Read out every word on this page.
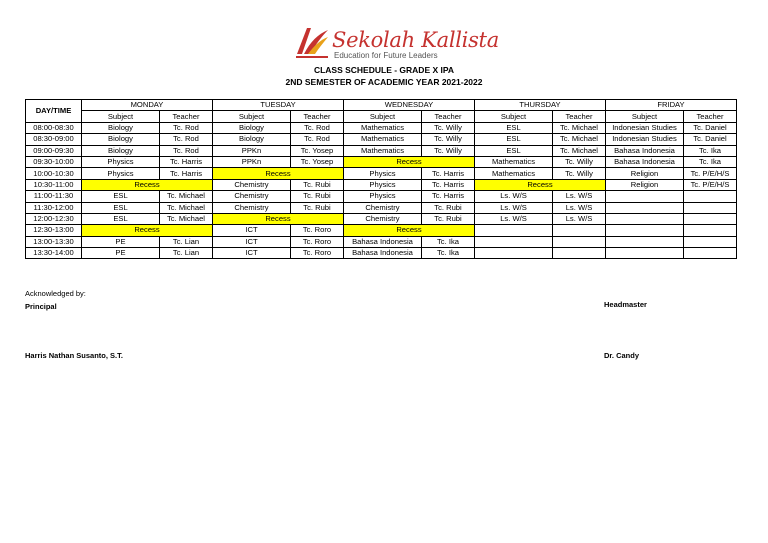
Sekolah Kallista
Education for Future Leaders
CLASS SCHEDULE - GRADE X IPA
2ND SEMESTER OF ACADEMIC YEAR 2021-2022
DAY/TIME	MONDAY		TUESDAY		WEDNESDAY		THURSDAY		FRIDAY	
	Subject	Teacher	Subject	Teacher	Subject	Teacher	Subject	Teacher	Subject	Teacher
08:00-08:30	Biology	Tc. Rod	Biology	Tc. Rod	Mathematics	Tc. Willy	ESL	Tc. Michael	Indonesian Studies	Tc. Daniel
08:30-09:00	Biology	Tc. Rod	Biology	Tc. Rod	Mathematics	Tc. Willy	ESL	Tc. Michael	Indonesian Studies	Tc. Daniel
09:00-09:30	Biology	Tc. Rod	PPKn	Tc. Yosep	Mathematics	Tc. Willy	ESL	Tc. Michael	Bahasa Indonesia	Tc. Ika
09:30-10:00	Physics	Tc. Harris	PPKn	Tc. Yosep	Recess		Mathematics	Tc. Willy	Bahasa Indonesia	Tc. Ika
10:00-10:30	Physics	Tc. Harris	Recess		Physics	Tc. Harris	Mathematics	Tc. Willy	Religion	Tc. P/E/H/S
10:30-11:00	Recess		Chemistry	Tc. Rubi	Physics	Tc. Harris	Recess		Religion	Tc. P/E/H/S
11:00-11:30	ESL	Tc. Michael	Chemistry	Tc. Rubi	Physics	Tc. Harris	Ls. W/S	Ls. W/S		
11:30-12:00	ESL	Tc. Michael	Chemistry	Tc. Rubi	Chemistry	Tc. Rubi	Ls. W/S	Ls. W/S		
12:00-12:30	ESL	Tc. Michael	Recess		Chemistry	Tc. Rubi	Ls. W/S	Ls. W/S		
12:30-13:00	Recess		ICT	Tc. Roro	Recess					
13:00-13:30	PE	Tc. Lian	ICT	Tc. Roro	Bahasa Indonesia	Tc. Ika				
13:30-14:00	PE	Tc. Lian	ICT	Tc. Roro	Bahasa Indonesia	Tc. Ika				
Acknowledged by:
Principal	Headmaster
Harris Nathan Susanto, S.T.	Dr. Candy
